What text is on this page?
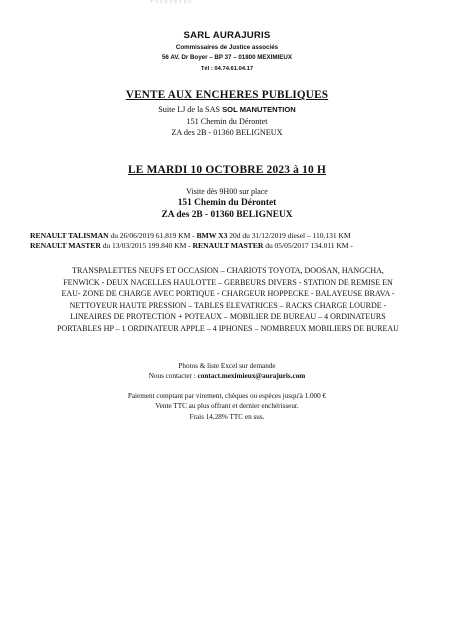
T' E E E E E E E E
SARL AURAJURIS
Commissaires de Justice associés
56 AV. Dr Boyer – BP 37 – 01800 MEXIMIEUX
Tél : 04.74.61.04.17
VENTE AUX ENCHERES PUBLIQUES
Suite LJ de la SAS SOL MANUTENTION
151 Chemin du Dérontet
ZA des 2B - 01360 BELIGNEUX
LE MARDI 10 OCTOBRE 2023 à 10 H
Visite dès 9H00 sur place
151 Chemin du Dérontet
ZA des 2B - 01360 BELIGNEUX
RENAULT TALISMAN du 26/06/2019 61.819 KM - BMW X3 20d du 31/12/2019 diesel – 110.131 KM
RENAULT MASTER du 13/03/2015 199.840 KM - RENAULT MASTER du 05/05/2017 134.011 KM -
TRANSPALETTES NEUFS ET OCCASION – CHARIOTS TOYOTA, DOOSAN, HANGCHA,
FENWICK - DEUX NACELLES HAULOTTE – GERBEURS DIVERS - STATION DE REMISE EN
EAU- ZONE DE CHARGE AVEC PORTIQUE - CHARGEUR HOPPECKE - BALAYEUSE BRAVA -
NETTOYEUR HAUTE PRESSION – TABLES ELEVATRICES – RACKS CHARGE LOURDE -
LINEAIRES DE PROTECTION + POTEAUX – MOBILIER DE BUREAU – 4 ORDINATEURS
PORTABLES HP – 1 ORDINATEUR APPLE – 4 IPHONES – NOMBREUX MOBILIERS DE BUREAU
Photos & liste Excel sur demande
Nous contacter : contact.meximieux@aurajuris.com
Paiement comptant par virement, chèques ou espèces jusqu'à 1.000 €
Vente TTC au plus offrant et dernier enchérisseur.
Frais 14,28% TTC en sus.
